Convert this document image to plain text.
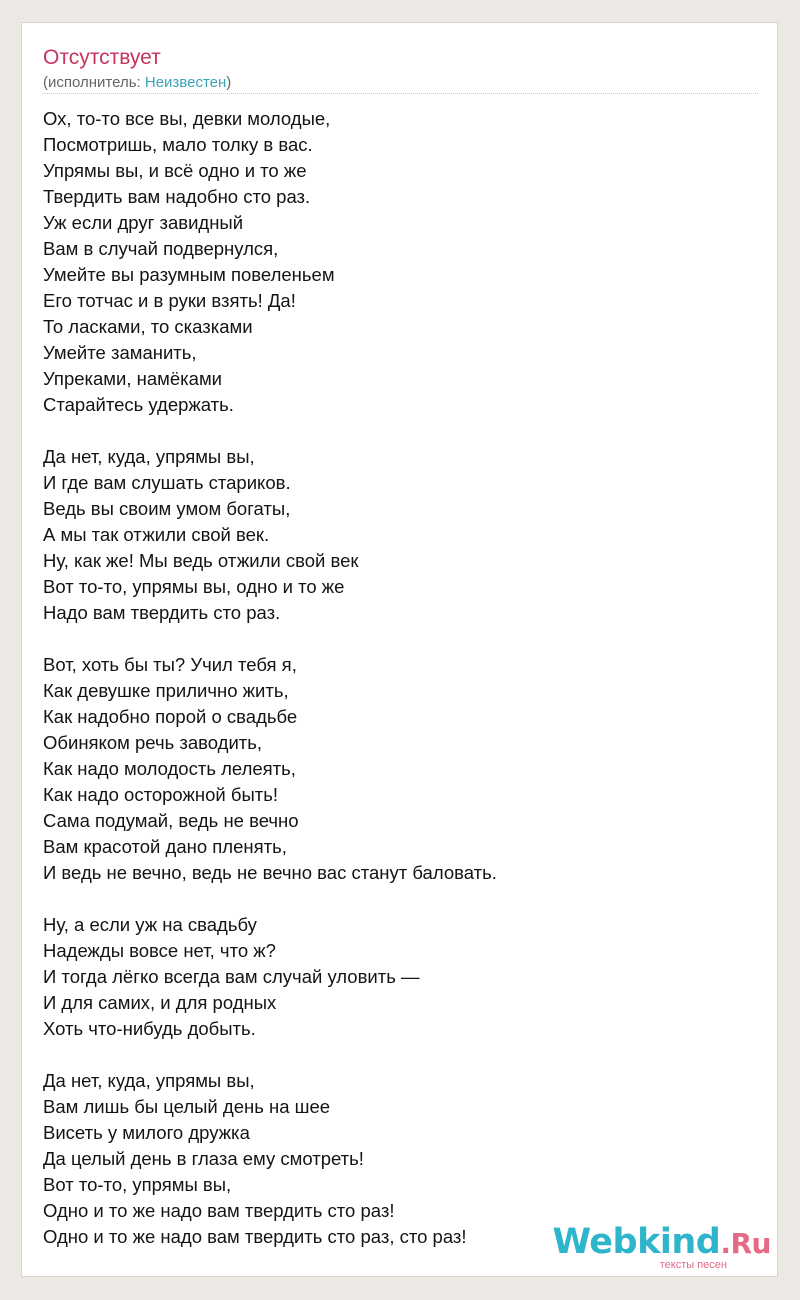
Отсутствует
(исполнитель: Неизвестен)
Ох, то-то все вы, девки молодые,
Посмотришь, мало толку в вас.
Упрямы вы, и всё одно и то же
Твердить вам надобно сто раз.
Уж если друг завидный
Вам в случай подвернулся,
Умейте вы разумным повеленьем
Его тотчас и в руки взять! Да!
То ласками, то сказками
Умейте заманить,
Упреками, намёками
Старайтесь удержать.
Да нет, куда, упрямы вы,
И где вам слушать стариков.
Ведь вы своим умом богаты,
А мы так отжили свой век.
Ну, как же! Мы ведь отжили свой век
Вот то-то, упрямы вы, одно и то же
Надо вам твердить сто раз.
Вот, хоть бы ты? Учил тебя я,
Как девушке прилично жить,
Как надобно порой о свадьбе
Обиняком речь заводить,
Как надо молодость лелеять,
Как надо осторожной быть!
Сама подумай, ведь не вечно
Вам красотой дано пленять,
И ведь не вечно, ведь не вечно вас станут баловать.
Ну, а если уж на свадьбу
Надежды вовсе нет, что ж?
И тогда лёгко всегда вам случай уловить —
И для самих, и для родных
Хоть что-нибудь добыть.
Да нет, куда, упрямы вы,
Вам лишь бы целый день на шее
Висеть у милого дружка
Да целый день в глаза ему смотреть!
Вот то-то, упрямы вы,
Одно и то же надо вам твердить сто раз!
Одно и то же надо вам твердить сто раз, сто раз!	Webkind.Ru
тексты песен
